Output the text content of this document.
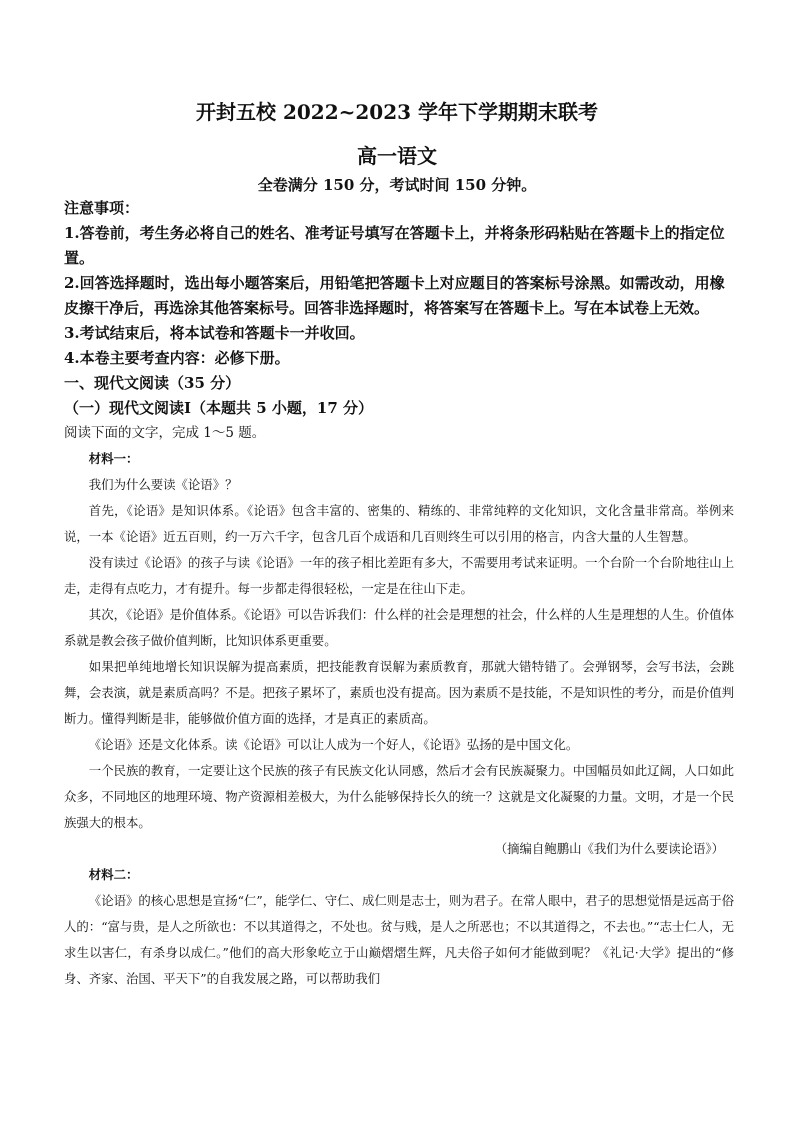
开封五校 2022~2023 学年下学期期末联考
高一语文
全卷满分 150 分，考试时间 150 分钟。

注意事项：

1.答卷前，考生务必将自己的姓名、准考证号填写在答题卡上，并将条形码粘贴在答题卡上的指定位置。

2.回答选择题时，选出每小题答案后，用铅笔把答题卡上对应题目的答案标号涂黑。如需改动，用橡皮擦干净后，再选涂其他答案标号。回答非选择题时，将答案写在答题卡上。写在本试卷上无效。

3.考试结束后，将本试卷和答题卡一并收回。

4.本卷主要考查内容：必修下册。

一、现代文阅读（35 分）

（一）现代文阅读Ⅰ（本题共 5 小题，17 分）

阅读下面的文字，完成 1～5 题。

材料一：

我们为什么要读《论语》？

首先，《论语》是知识体系。《论语》包含丰富的、密集的、精练的、非常纯粹的文化知识，文化含量非常高。举例来说，一本《论语》近五百则，约一万六千字，包含几百个成语和几百则终生可以引用的格言，内含大量的人生智慧。

没有读过《论语》的孩子与读《论语》一年的孩子相比差距有多大，不需要用考试来证明。一个台阶一个台阶地往山上走，走得有点吃力，才有提升。每一步都走得很轻松，一定是在往山下走。

其次，《论语》是价值体系。《论语》可以告诉我们：什么样的社会是理想的社会，什么样的人生是理想的人生。价值体系就是教会孩子做价值判断，比知识体系更重要。

如果把单纯地增长知识误解为提高素质，把技能教育误解为素质教育，那就大错特错了。会弹钢琴，会写书法，会跳舞，会表演，就是素质高吗？不是。把孩子累坏了，素质也没有提高。因为素质不是技能，不是知识性的考分，而是价值判断力。懂得判断是非，能够做价值方面的选择，才是真正的素质高。

《论语》还是文化体系。读《论语》可以让人成为一个好人，《论语》弘扬的是中国文化。

一个民族的教育，一定要让这个民族的孩子有民族文化认同感，然后才会有民族凝聚力。中国幅员如此辽阔，人口如此众多，不同地区的地理环境、物产资源相差极大，为什么能够保持长久的统一？这就是文化凝聚的力量。文明，才是一个民族强大的根本。

（摘编自鲍鹏山《我们为什么要读论语》）

材料二：

《论语》的核心思想是宣扬“仁”，能学仁、守仁、成仁则是志士，则为君子。在常人眼中，君子的思想觉悟是远高于俗人的：“富与贵，是人之所欲也：不以其道得之，不处也。贫与贱，是人之所恶也；不以其道得之，不去也。”“志士仁人，无求生以害仁，有杀身以成仁。”他们的高大形象屹立于山巅熠熠生辉，凡夫俗子如何才能做到呢？《礼记·大学》提出的“修身、齐家、治国、平天下”的自我发展之路，可以帮助我们
